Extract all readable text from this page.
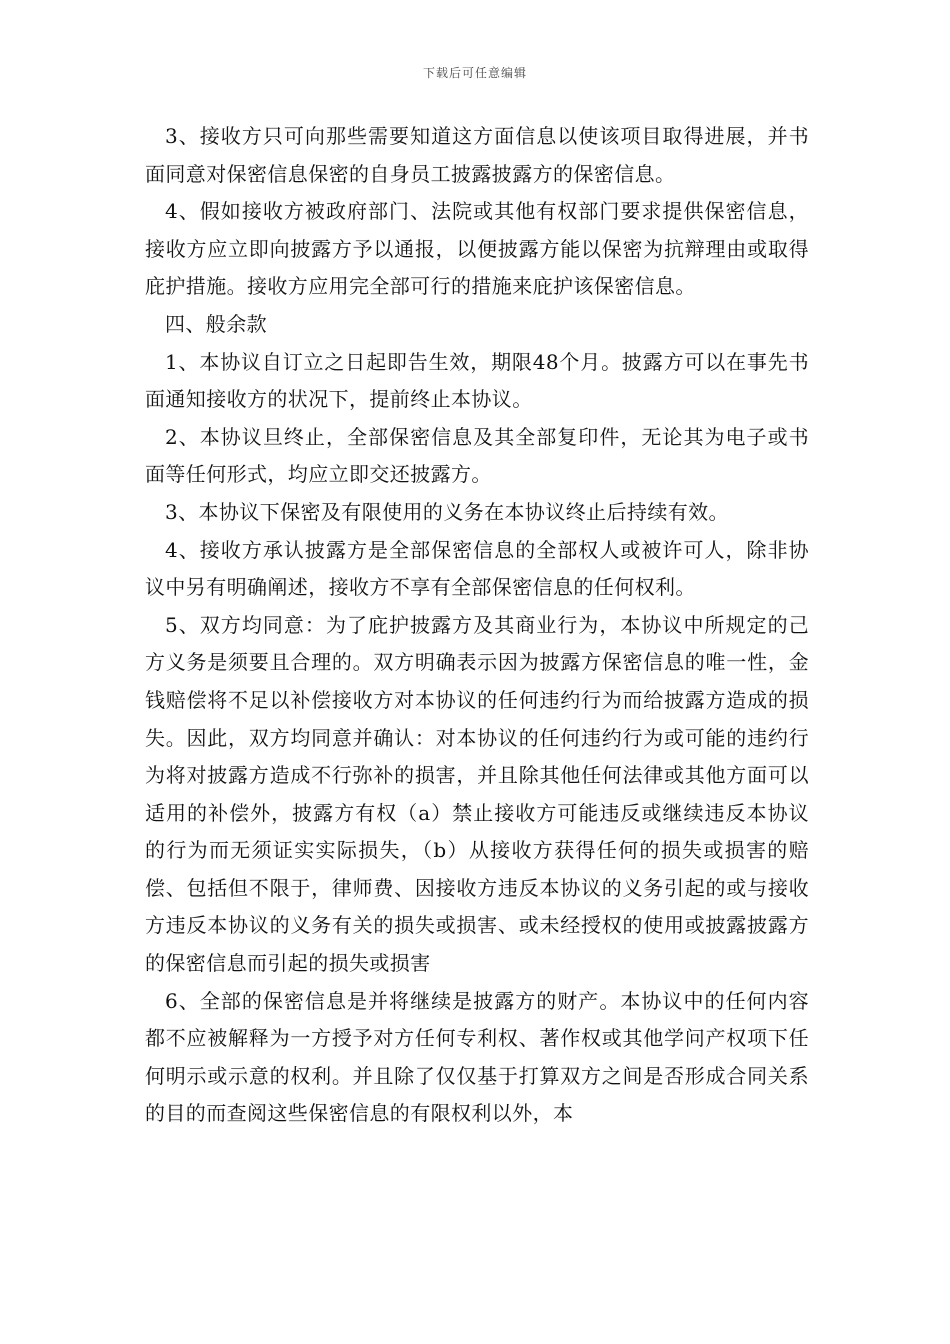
下载后可任意编辑

3、接收方只可向那些需要知道这方面信息以使该项目取得进展，并书面同意对保密信息保密的自身员工披露披露方的保密信息。

4、假如接收方被政府部门、法院或其他有权部门要求提供保密信息，接收方应立即向披露方予以通报，以便披露方能以保密为抗辩理由或取得庇护措施。接收方应用完全部可行的措施来庇护该保密信息。

四、般余款

1、本协议自订立之日起即告生效，期限48个月。披露方可以在事先书面通知接收方的状况下，提前终止本协议。

2、本协议旦终止，全部保密信息及其全部复印件，无论其为电子或书面等任何形式，均应立即交还披露方。

3、本协议下保密及有限使用的义务在本协议终止后持续有效。

4、接收方承认披露方是全部保密信息的全部权人或被许可人，除非协议中另有明确阐述，接收方不享有全部保密信息的任何权利。

5、双方均同意：为了庇护披露方及其商业行为，本协议中所规定的己方义务是须要且合理的。双方明确表示因为披露方保密信息的唯一性，金钱赔偿将不足以补偿接收方对本协议的任何违约行为而给披露方造成的损失。因此，双方均同意并确认：对本协议的任何违约行为或可能的违约行为将对披露方造成不行弥补的损害，并且除其他任何法律或其他方面可以适用的补偿外，披露方有权（a）禁止接收方可能违反或继续违反本协议的行为而无须证实实际损失，（b）从接收方获得任何的损失或损害的赔偿、包括但不限于，律师费、因接收方违反本协议的义务引起的或与接收方违反本协议的义务有关的损失或损害、或未经授权的使用或披露披露方的保密信息而引起的损失或损害

6、全部的保密信息是并将继续是披露方的财产。本协议中的任何内容都不应被解释为一方授予对方任何专利权、著作权或其他学问产权项下任何明示或示意的权利。并且除了仅仅基于打算双方之间是否形成合同关系的目的而查阅这些保密信息的有限权利以外，本
